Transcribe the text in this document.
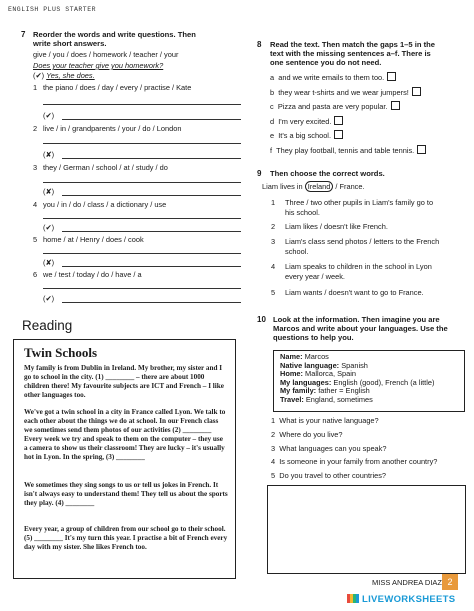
ENGLISH PLUS STARTER
7 Reorder the words and write questions. Then
write short answers.
give / you / does / homework / teacher / your
Does your teacher give you homework?
(✔) Yes, she does.
1 the piano / does / day / every / practise / Kate
(✔)
2 live / in / grandparents / your / do / London
(✘)
3 they / German / school / at / study / do
(✘)
4 you / in / do / class / a dictionary / use
(✔)
5 home / at / Henry / does / cook
(✘)
6 we / test / today / do / have / a
(✔)
Reading
Twin Schools
My family is from Dublin in Ireland. My brother, my sister and I go to school in the city. (1) ________ – there are about 1000 children there! My favourite subjects are ICT and French – I like other languages too.
We've got a twin school in a city in France called Lyon. We talk to each other about the things we do at school. In our French class we sometimes send them photos of our activities (2) ________ Every week we try and speak to them on the computer – they use a camera to show us their classroom! They are lucky – it's usually hot in Lyon. In the spring, (3) ________
We sometimes they sing songs to us or tell us jokes in French. It isn't always easy to understand them! They tell us about the sports they play. (4) ________
Every year, a group of children from our school go to their school. (5) ________ It's my turn this year. I practise a bit of French every day with my sister. She likes French too.
8 Read the text. Then match the gaps 1–5 in the
text with the missing sentences a–f. There is
one sentence you do not need.
a and we write emails to them too.
b they wear t-shirts and we wear jumpers!
c Pizza and pasta are very popular.
d I'm very excited.
e It's a big school.
f They play football, tennis and table tennis.
9 Then choose the correct words.
Liam lives in Ireland / France.
1 Three / two other pupils in Liam's family go to
his school.
2 Liam likes / doesn't like French.
3 Liam's class send photos / letters to the French
school.
4 Liam speaks to children in the school in Lyon
every year / week.
5 Liam wants / doesn't want to go to France.
10 Look at the information. Then imagine you are
Marcos and write about your languages. Use the
questions to help you.
Name: Marcos
Native language: Spanish
Home: Mallorca, Spain
My languages: English (good), French (a little)
My family: father = English
Travel: England, sometimes
1 What is your native language?
2 Where do you live?
3 What languages can you speak?
4 Is someone in your family from another country?
5 Do you travel to other countries?
MISS ANDREA DIAZ 2
LIVEWORKSHEETS
